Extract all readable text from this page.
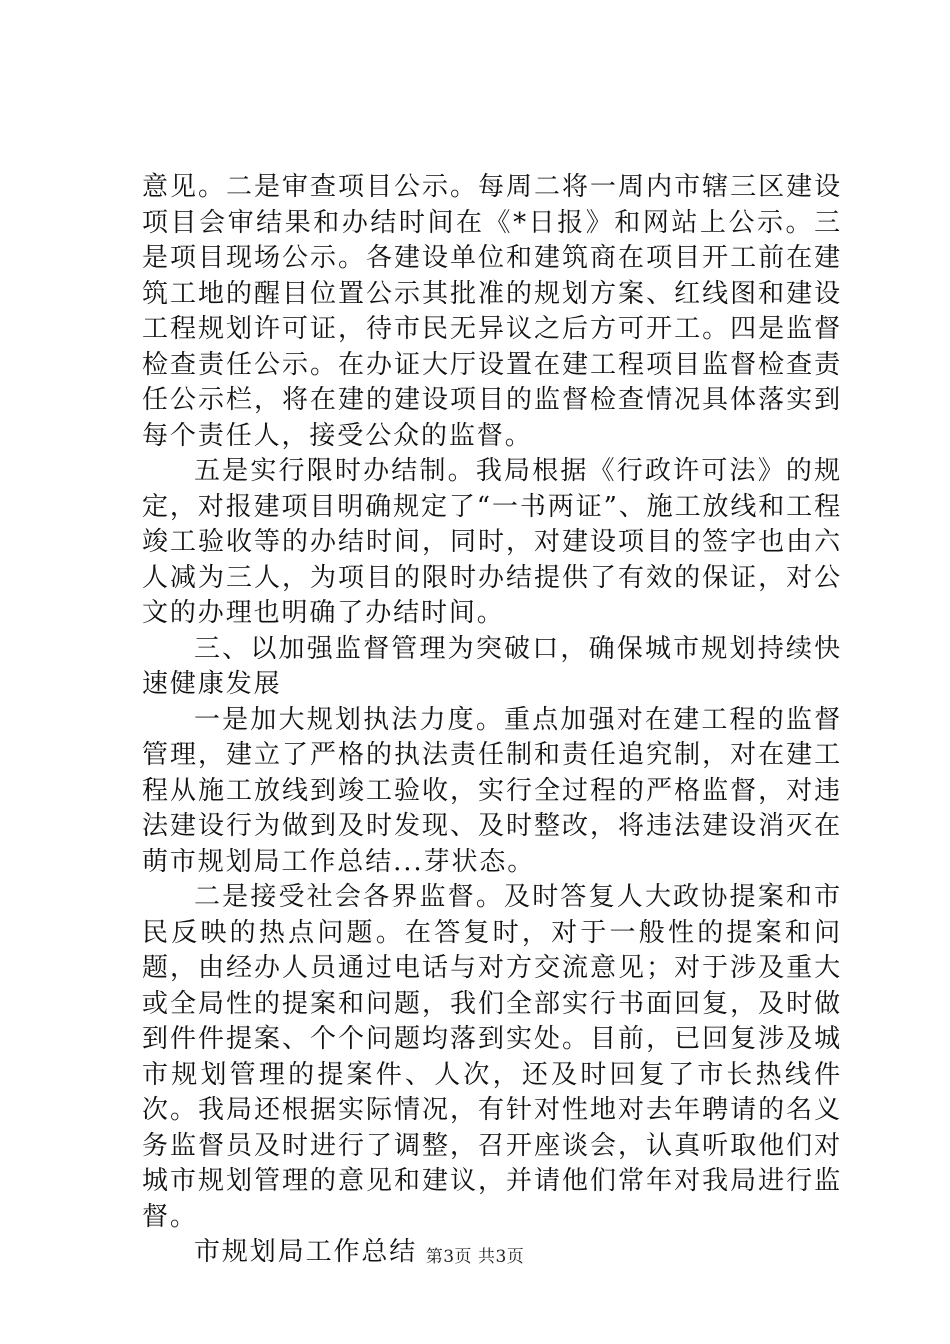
意见。二是审查项目公示。每周二将一周内市辖三区建设项目会审结果和办结时间在《*日报》和网站上公示。三是项目现场公示。各建设单位和建筑商在项目开工前在建筑工地的醒目位置公示其批准的规划方案、红线图和建设工程规划许可证，待市民无异议之后方可开工。四是监督检查责任公示。在办证大厅设置在建工程项目监督检查责任公示栏，将在建的建设项目的监督检查情况具体落实到每个责任人，接受公众的监督。

五是实行限时办结制。我局根据《行政许可法》的规定，对报建项目明确规定了“一书两证”、施工放线和工程竣工验收等的办结时间，同时，对建设项目的签字也由六人减为三人，为项目的限时办结提供了有效的保证，对公文的办理也明确了办结时间。

三、以加强监督管理为突破口，确保城市规划持续快速健康发展

一是加大规划执法力度。重点加强对在建工程的监督管理，建立了严格的执法责任制和责任追究制，对在建工程从施工放线到竣工验收，实行全过程的严格监督，对违法建设行为做到及时发现、及时整改，将违法建设消灭在萌市规划局工作总结...芽状态。

二是接受社会各界监督。及时答复人大政协提案和市民反映的热点问题。在答复时，对于一般性的提案和问题，由经办人员通过电话与对方交流意见；对于涉及重大或全局性的提案和问题，我们全部实行书面回复，及时做到件件提案、个个问题均落到实处。目前，已回复涉及城市规划管理的提案件、人次，还及时回复了市长热线件次。我局还根据实际情况，有针对性地对去年聘请的名义务监督员及时进行了调整，召开座谈会，认真听取他们对城市规划管理的意见和建议，并请他们常年对我局进行监督。

市规划局工作总结 第3页 共3页
